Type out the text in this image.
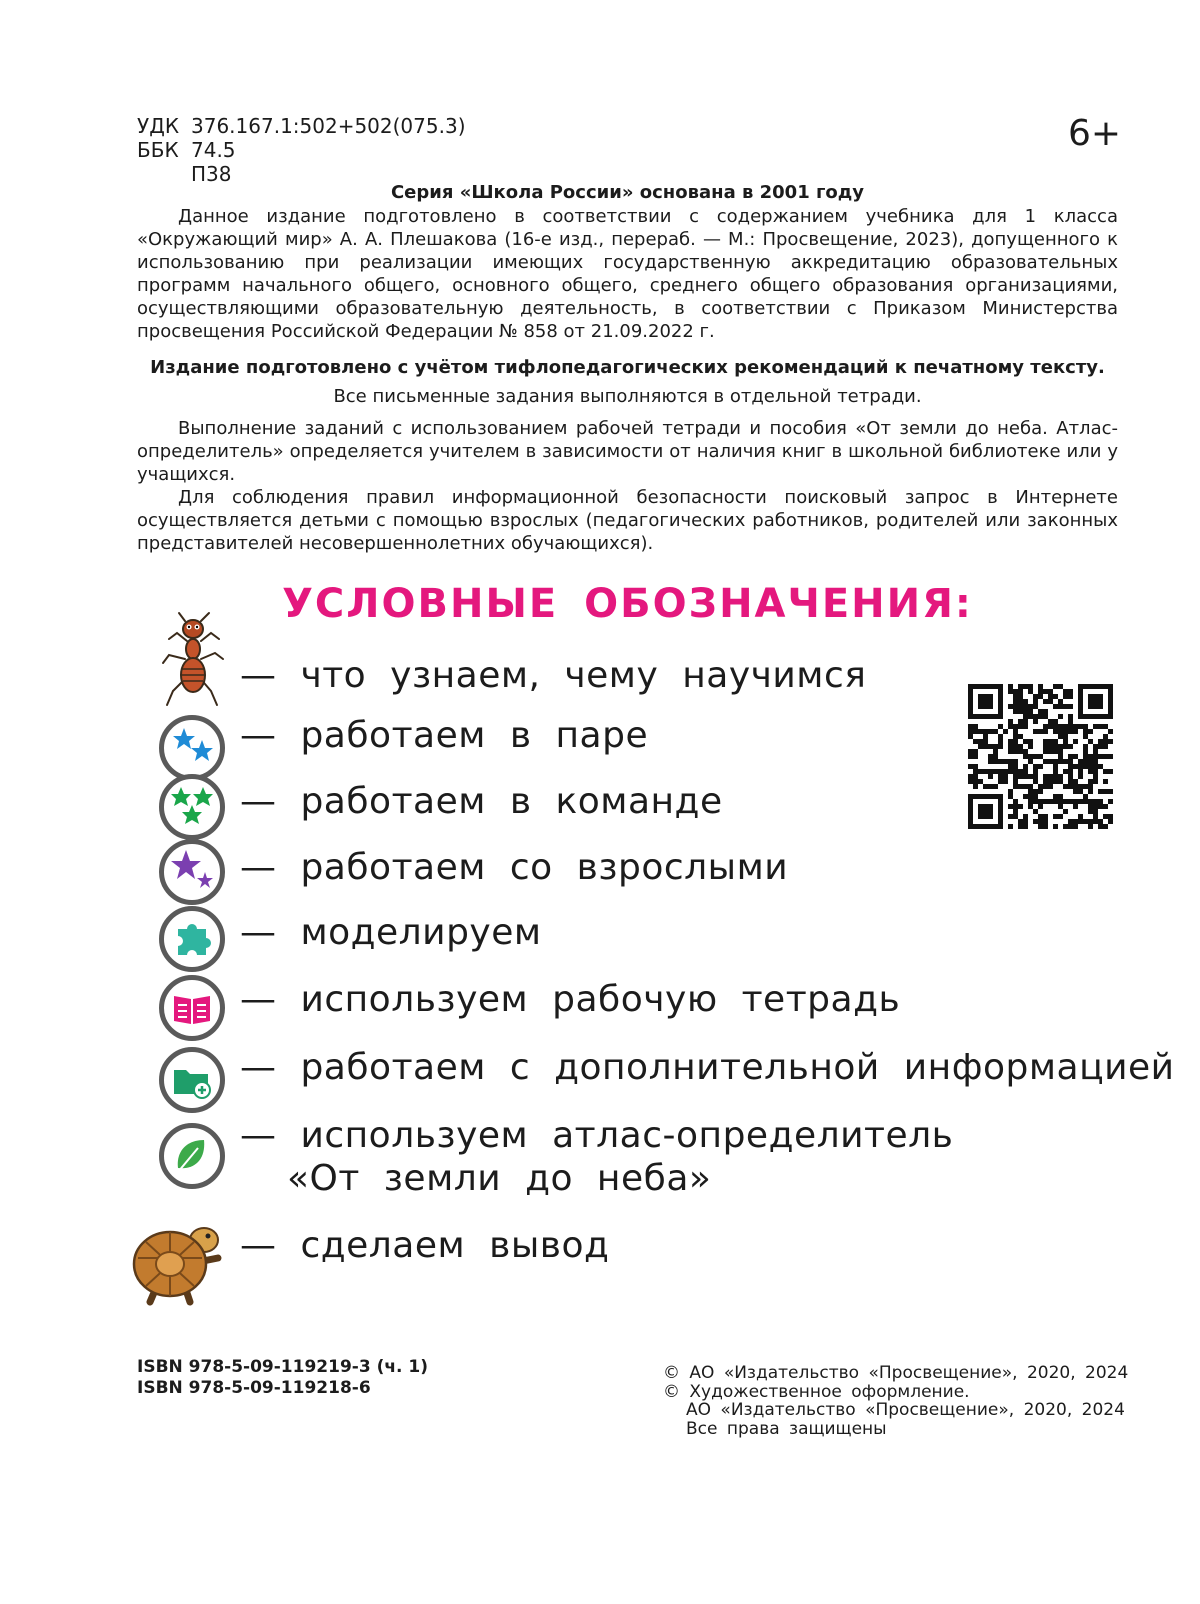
УДК 376.167.1:502+502(075.3)
ББК 74.5
П38
6+
Серия «Школа России» основана в 2001 году
Данное издание подготовлено в соответствии с содержанием учебника для 1 класса «Окружающий мир» А. А. Плешакова (16-е изд., перераб. — М.: Просвещение, 2023), допущенного к использованию при реализации имеющих государственную аккредитацию образовательных программ начального общего, основного общего, среднего общего образования организациями, осуществляющими образовательную деятельность, в соответствии с Приказом Министерства просвещения Российской Федерации № 858 от 21.09.2022 г.
Издание подготовлено с учётом тифлопедагогических рекомендаций к печатному тексту.
Все письменные задания выполняются в отдельной тетради.
Выполнение заданий с использованием рабочей тетради и пособия «От земли до неба. Атлас-определитель» определяется учителем в зависимости от наличия книг в школьной библиотеке или у учащихся.
Для соблюдения правил информационной безопасности поисковый запрос в Интернете осуществляется детьми с помощью взрослых (педагогических работников, родителей или законных представителей несовершеннолетних обучающихся).
УСЛОВНЫЕ ОБОЗНАЧЕНИЯ:
— что узнаем, чему научимся
— работаем в паре
— работаем в команде
— работаем со взрослыми
— моделируем
— используем рабочую тетрадь
— работаем с дополнительной информацией
— используем атлас-определитель
«От земли до неба»
— сделаем вывод
ISBN 978-5-09-119219-3 (ч. 1)
ISBN 978-5-09-119218-6
© АО «Издательство «Просвещение», 2020, 2024
© Художественное оформление.
АО «Издательство «Просвещение», 2020, 2024
Все права защищены
